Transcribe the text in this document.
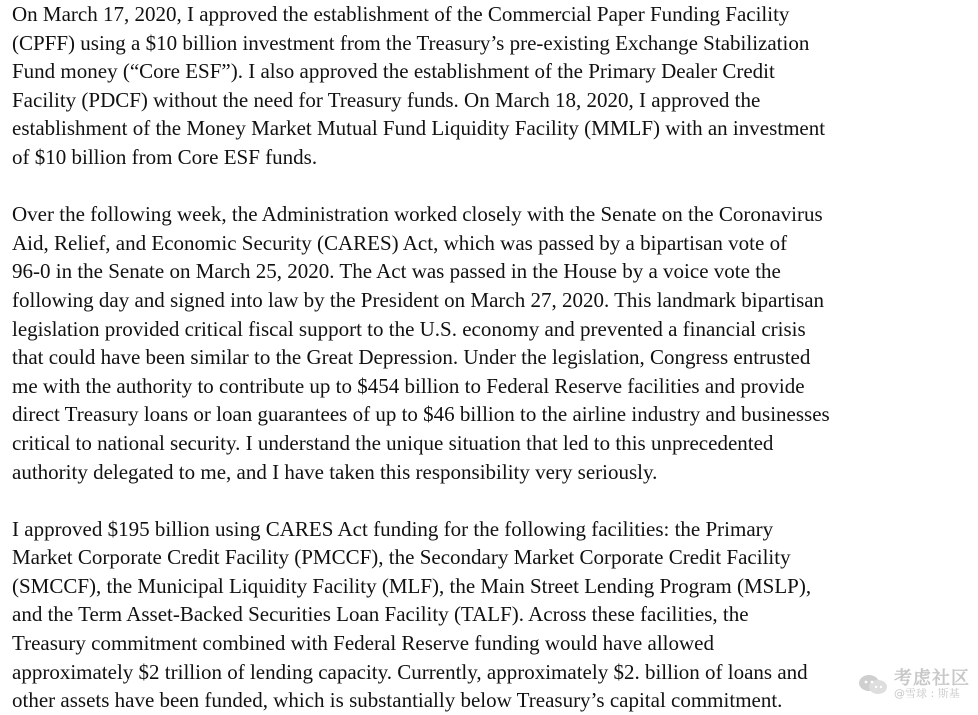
On March 17, 2020, I approved the establishment of the Commercial Paper Funding Facility
(CPFF) using a $10 billion investment from the Treasury’s pre-existing Exchange Stabilization
Fund money (“Core ESF”). I also approved the establishment of the Primary Dealer Credit
Facility (PDCF) without the need for Treasury funds. On March 18, 2020, I approved the
establishment of the Money Market Mutual Fund Liquidity Facility (MMLF) with an investment
of $10 billion from Core ESF funds.
Over the following week, the Administration worked closely with the Senate on the Coronavirus
Aid, Relief, and Economic Security (CARES) Act, which was passed by a bipartisan vote of
96-0 in the Senate on March 25, 2020. The Act was passed in the House by a voice vote the
following day and signed into law by the President on March 27, 2020. This landmark bipartisan
legislation provided critical fiscal support to the U.S. economy and prevented a financial crisis
that could have been similar to the Great Depression. Under the legislation, Congress entrusted
me with the authority to contribute up to $454 billion to Federal Reserve facilities and provide
direct Treasury loans or loan guarantees of up to $46 billion to the airline industry and businesses
critical to national security. I understand the unique situation that led to this unprecedented
authority delegated to me, and I have taken this responsibility very seriously.
I approved $195 billion using CARES Act funding for the following facilities: the Primary
Market Corporate Credit Facility (PMCCF), the Secondary Market Corporate Credit Facility
(SMCCF), the Municipal Liquidity Facility (MLF), the Main Street Lending Program (MSLP),
and the Term Asset-Backed Securities Loan Facility (TALF). Across these facilities, the
Treasury commitment combined with Federal Reserve funding would have allowed
approximately $2 trillion of lending capacity. Currently, approximately $2. billion of loans and
other assets have been funded, which is substantially below Treasury’s capital commitment.
考虑社区
@雪球 : 斯基
